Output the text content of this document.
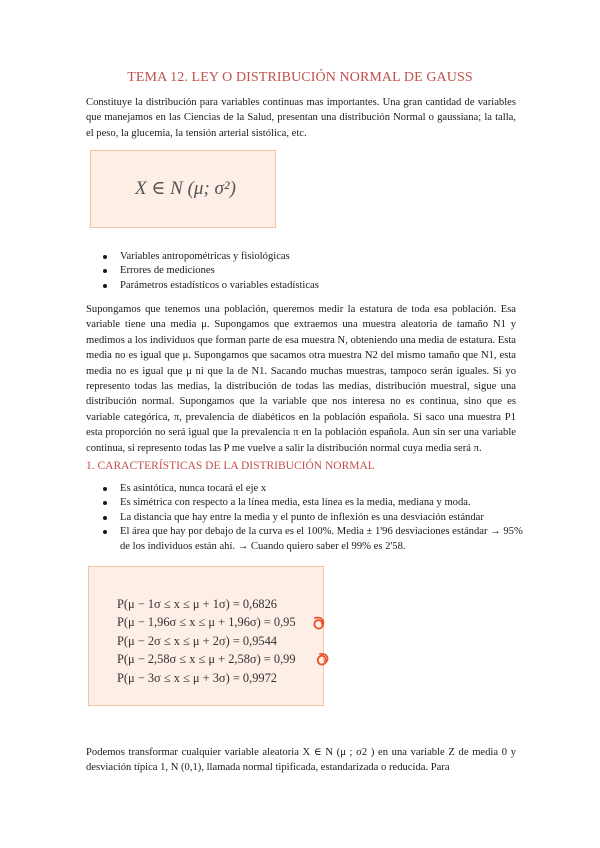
TEMA 12. LEY O DISTRIBUCIÓN NORMAL DE GAUSS

Constituye la distribución para variables continuas mas importantes. Una gran cantidad de variables que manejamos en las Ciencias de la Salud, presentan una distribución Normal o gaussiana; la talla, el peso, la glucemia, la tensión arterial sistólica, etc.

X ∈ N (μ; σ²)
Variables antropométricas y fisiológicas
Errores de mediciones
Parámetros estadísticos o variables estadísticas

Supongamos que tenemos una población, queremos medir la estatura de toda esa población. Esa variable tiene una media μ. Supongamos que extraemos una muestra aleatoria de tamaño N1 y medimos a los individuos que forman parte de esa muestra N, obteniendo una media de estatura. Esta media no es igual que μ. Supongamos que sacamos otra muestra N2 del mismo tamaño que N1, esta media no es igual que μ ni que la de N1. Sacando muchas muestras, tampoco serán iguales. Si yo represento todas las medias, la distribución de todas las medias, distribución muestral, sigue una distribución normal. Supongamos que la variable que nos interesa no es continua, sino que es variable categórica, π, prevalencia de diabéticos en la población española. Si saco una muestra P1 esta proporción no será igual que la prevalencia π en la población española. Aun sin ser una variable continua, si represento todas las P me vuelve a salir la distribución normal cuya media será π.

1. CARACTERÍSTICAS DE LA DISTRIBUCIÓN NORMAL
Es asintótica, nunca tocará el eje x
Es simétrica con respecto a la línea media, esta línea es la media, mediana y moda.
La distancia que hay entre la media y el punto de inflexión es una desviación estándar
El área que hay por debajo de la curva es el 100%. Media ± 1'96 desviaciones estándar → 95% de los individuos están ahí. → Cuando quiero saber el 99% es 2'58.
P(μ − 1σ ≤ x ≤ μ + 1σ) = 0,6826
P(μ − 1,96σ ≤ x ≤ μ + 1,96σ) = 0,95
P(μ − 2σ ≤ x ≤ μ + 2σ) = 0,9544
P(μ − 2,58σ ≤ x ≤ μ + 2,58σ) = 0,99
P(μ − 3σ ≤ x ≤ μ + 3σ) = 0,9972

Podemos transformar cualquier variable aleatoria X ∈ N (μ ; σ2 ) en una variable Z de media 0 y desviación típica 1, N (0,1), llamada normal tipificada, estandarizada o reducida. Para
